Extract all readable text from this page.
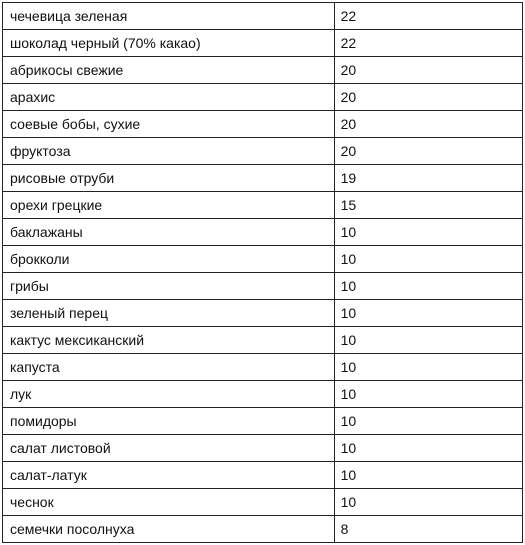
чечевица зеленая	22
шоколад черный (70% какао)	22
абрикосы свежие	20
арахис	20
соевые бобы, сухие	20
фруктоза	20
рисовые отруби	19
орехи грецкие	15
баклажаны	10
брокколи	10
грибы	10
зеленый перец	10
кактус мексиканский	10
капуста	10
лук	10
помидоры	10
салат листовой	10
салат-латук	10
чеснок	10
семечки посолнуха	8
